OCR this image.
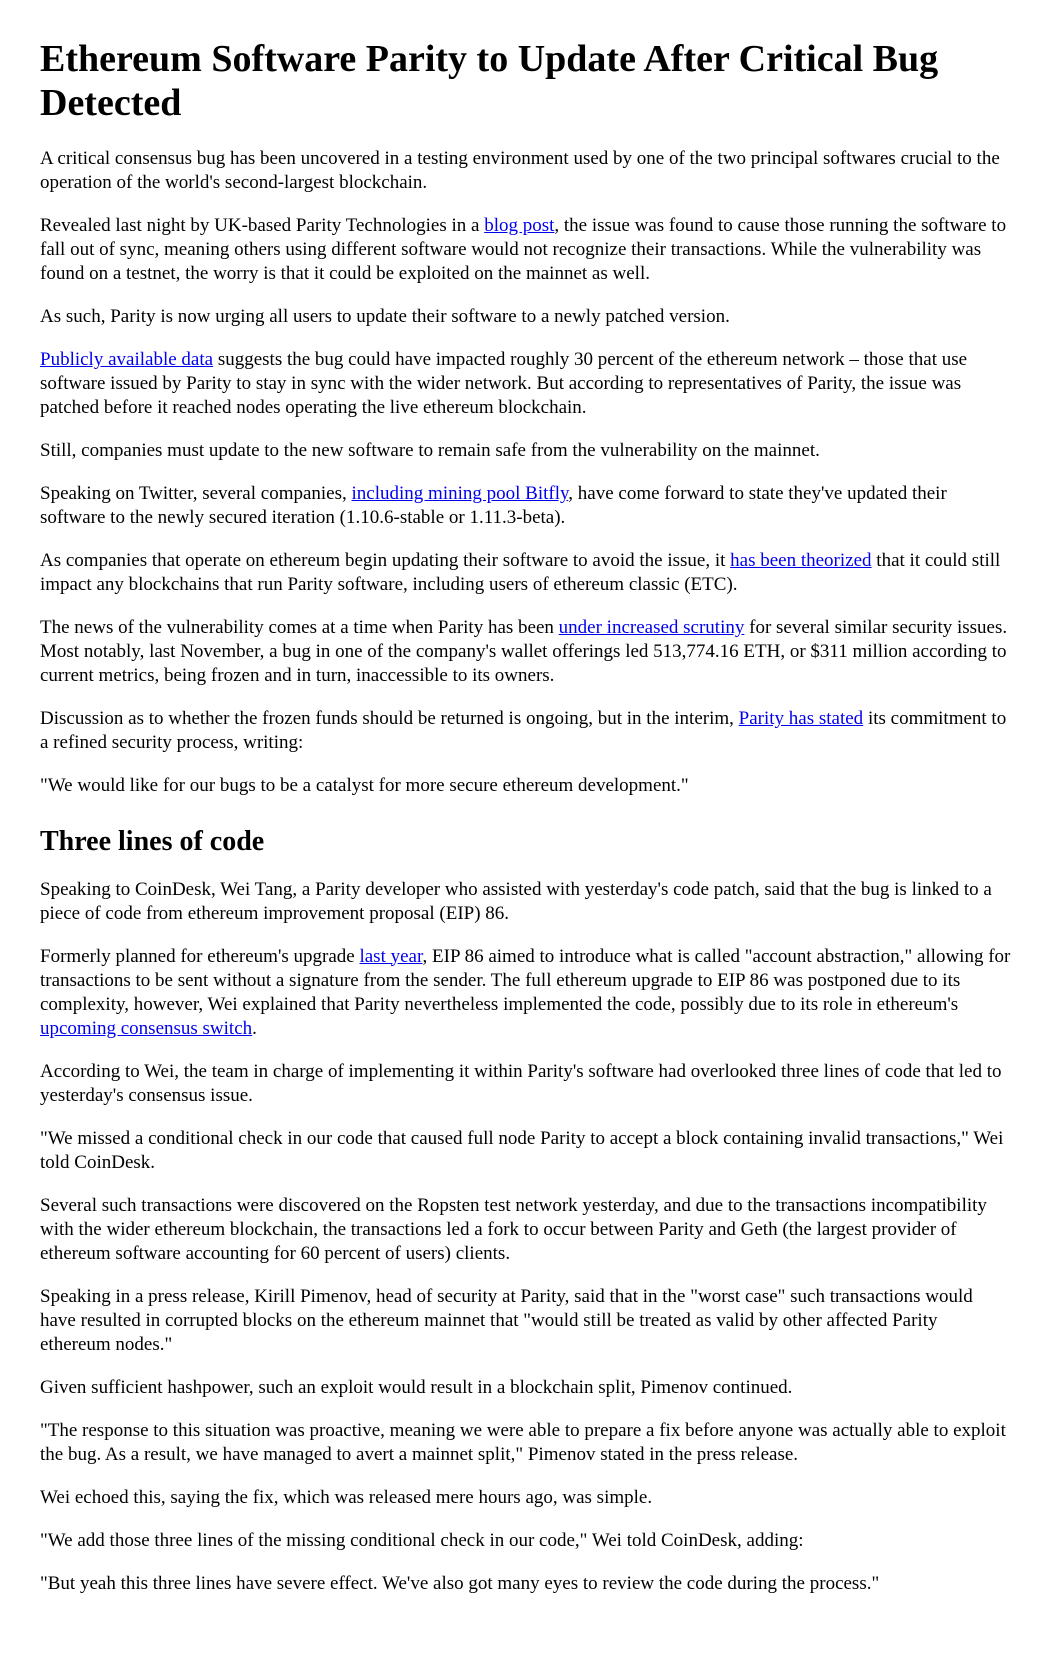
Ethereum Software Parity to Update After Critical Bug Detected

A critical consensus bug has been uncovered in a testing environment used by one of the two principal softwares crucial to the operation of the world's second-largest blockchain.

Revealed last night by UK-based Parity Technologies in a blog post, the issue was found to cause those running the software to fall out of sync, meaning others using different software would not recognize their transactions. While the vulnerability was found on a testnet, the worry is that it could be exploited on the mainnet as well.

As such, Parity is now urging all users to update their software to a newly patched version.

Publicly available data suggests the bug could have impacted roughly 30 percent of the ethereum network – those that use software issued by Parity to stay in sync with the wider network. But according to representatives of Parity, the issue was patched before it reached nodes operating the live ethereum blockchain.

Still, companies must update to the new software to remain safe from the vulnerability on the mainnet.

Speaking on Twitter, several companies, including mining pool Bitfly, have come forward to state they've updated their software to the newly secured iteration (1.10.6-stable or 1.11.3-beta).

As companies that operate on ethereum begin updating their software to avoid the issue, it has been theorized that it could still impact any blockchains that run Parity software, including users of ethereum classic (ETC).

The news of the vulnerability comes at a time when Parity has been under increased scrutiny for several similar security issues. Most notably, last November, a bug in one of the company's wallet offerings led 513,774.16 ETH, or $311 million according to current metrics, being frozen and in turn, inaccessible to its owners.

Discussion as to whether the frozen funds should be returned is ongoing, but in the interim, Parity has stated its commitment to a refined security process, writing:

"We would like for our bugs to be a catalyst for more secure ethereum development."

Three lines of code

Speaking to CoinDesk, Wei Tang, a Parity developer who assisted with yesterday's code patch, said that the bug is linked to a piece of code from ethereum improvement proposal (EIP) 86.

Formerly planned for ethereum's upgrade last year, EIP 86 aimed to introduce what is called "account abstraction," allowing for transactions to be sent without a signature from the sender. The full ethereum upgrade to EIP 86 was postponed due to its complexity, however, Wei explained that Parity nevertheless implemented the code, possibly due to its role in ethereum's upcoming consensus switch.

According to Wei, the team in charge of implementing it within Parity's software had overlooked three lines of code that led to yesterday's consensus issue.

"We missed a conditional check in our code that caused full node Parity to accept a block containing invalid transactions," Wei told CoinDesk.

Several such transactions were discovered on the Ropsten test network yesterday, and due to the transactions incompatibility with the wider ethereum blockchain, the transactions led a fork to occur between Parity and Geth (the largest provider of ethereum software accounting for 60 percent of users) clients.

Speaking in a press release, Kirill Pimenov, head of security at Parity, said that in the "worst case" such transactions would have resulted in corrupted blocks on the ethereum mainnet that "would still be treated as valid by other affected Parity ethereum nodes."

Given sufficient hashpower, such an exploit would result in a blockchain split, Pimenov continued.

"The response to this situation was proactive, meaning we were able to prepare a fix before anyone was actually able to exploit the bug. As a result, we have managed to avert a mainnet split," Pimenov stated in the press release.

Wei echoed this, saying the fix, which was released mere hours ago, was simple.

"We add those three lines of the missing conditional check in our code," Wei told CoinDesk, adding:

"But yeah this three lines have severe effect. We've also got many eyes to review the code during the process."
